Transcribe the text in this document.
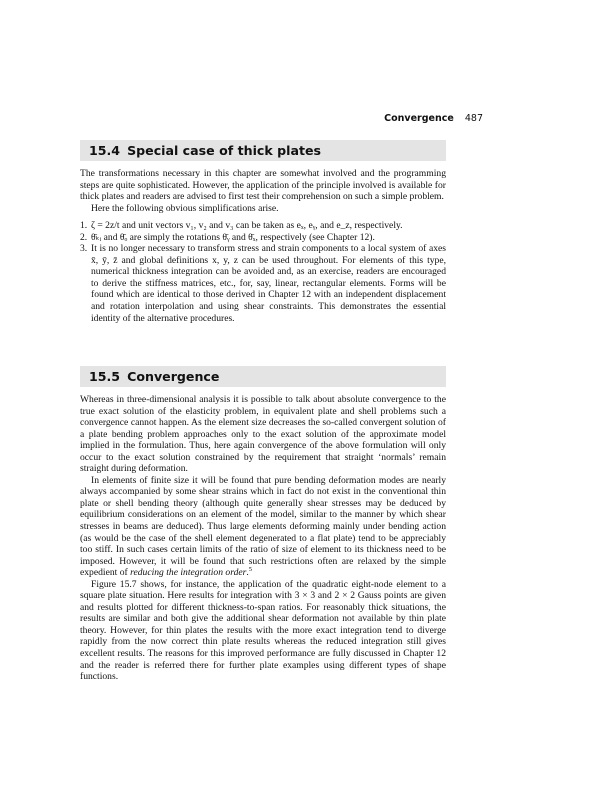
Convergence 487
15.4 Special case of thick plates

The transformations necessary in this chapter are somewhat involved and the programming steps are quite sophisticated. However, the application of the principle involved is available for thick plates and readers are advised to first test their comprehension on such a simple problem.

Here the following obvious simplifications arise.

1. ζ = 2z/t and unit vectors v₁, v₂ and v₃ can be taken as eₓ, eᵧ, and e_z, respectively.
2. θ̄ₖᵢ and θ̄ₒ are simply the rotations θ̄ᵧ and θ̄ₓ, respectively (see Chapter 12).
3. It is no longer necessary to transform stress and strain components to a local system of axes x̄, ȳ, z̄ and global definitions x, y, z can be used throughout. For elements of this type, numerical thickness integration can be avoided and, as an exercise, readers are encouraged to derive the stiffness matrices, etc., for, say, linear, rectangular elements. Forms will be found which are identical to those derived in Chapter 12 with an independent displacement and rotation interpolation and using shear constraints. This demonstrates the essential identity of the alternative procedures.
15.5 Convergence

Whereas in three-dimensional analysis it is possible to talk about absolute convergence to the true exact solution of the elasticity problem, in equivalent plate and shell problems such a convergence cannot happen. As the element size decreases the so-called convergent solution of a plate bending problem approaches only to the exact solution of the approximate model implied in the formulation. Thus, here again convergence of the above formulation will only occur to the exact solution constrained by the requirement that straight ‘normals’ remain straight during deformation.

In elements of finite size it will be found that pure bending deformation modes are nearly always accompanied by some shear strains which in fact do not exist in the conventional thin plate or shell bending theory (although quite generally shear stresses may be deduced by equilibrium considerations on an element of the model, similar to the manner by which shear stresses in beams are deduced). Thus large elements deforming mainly under bending action (as would be the case of the shell element degenerated to a flat plate) tend to be appreciably too stiff. In such cases certain limits of the ratio of size of element to its thickness need to be imposed. However, it will be found that such restrictions often are relaxed by the simple expedient of reducing the integration order.$^5$

Figure 15.7 shows, for instance, the application of the quadratic eight-node element to a square plate situation. Here results for integration with 3 × 3 and 2 × 2 Gauss points are given and results plotted for different thickness-to-span ratios. For reasonably thick situations, the results are similar and both give the additional shear deformation not available by thin plate theory. However, for thin plates the results with the more exact integration tend to diverge rapidly from the now correct thin plate results whereas the reduced integration still gives excellent results. The reasons for this improved performance are fully discussed in Chapter 12 and the reader is referred there for further plate examples using different types of shape functions.
